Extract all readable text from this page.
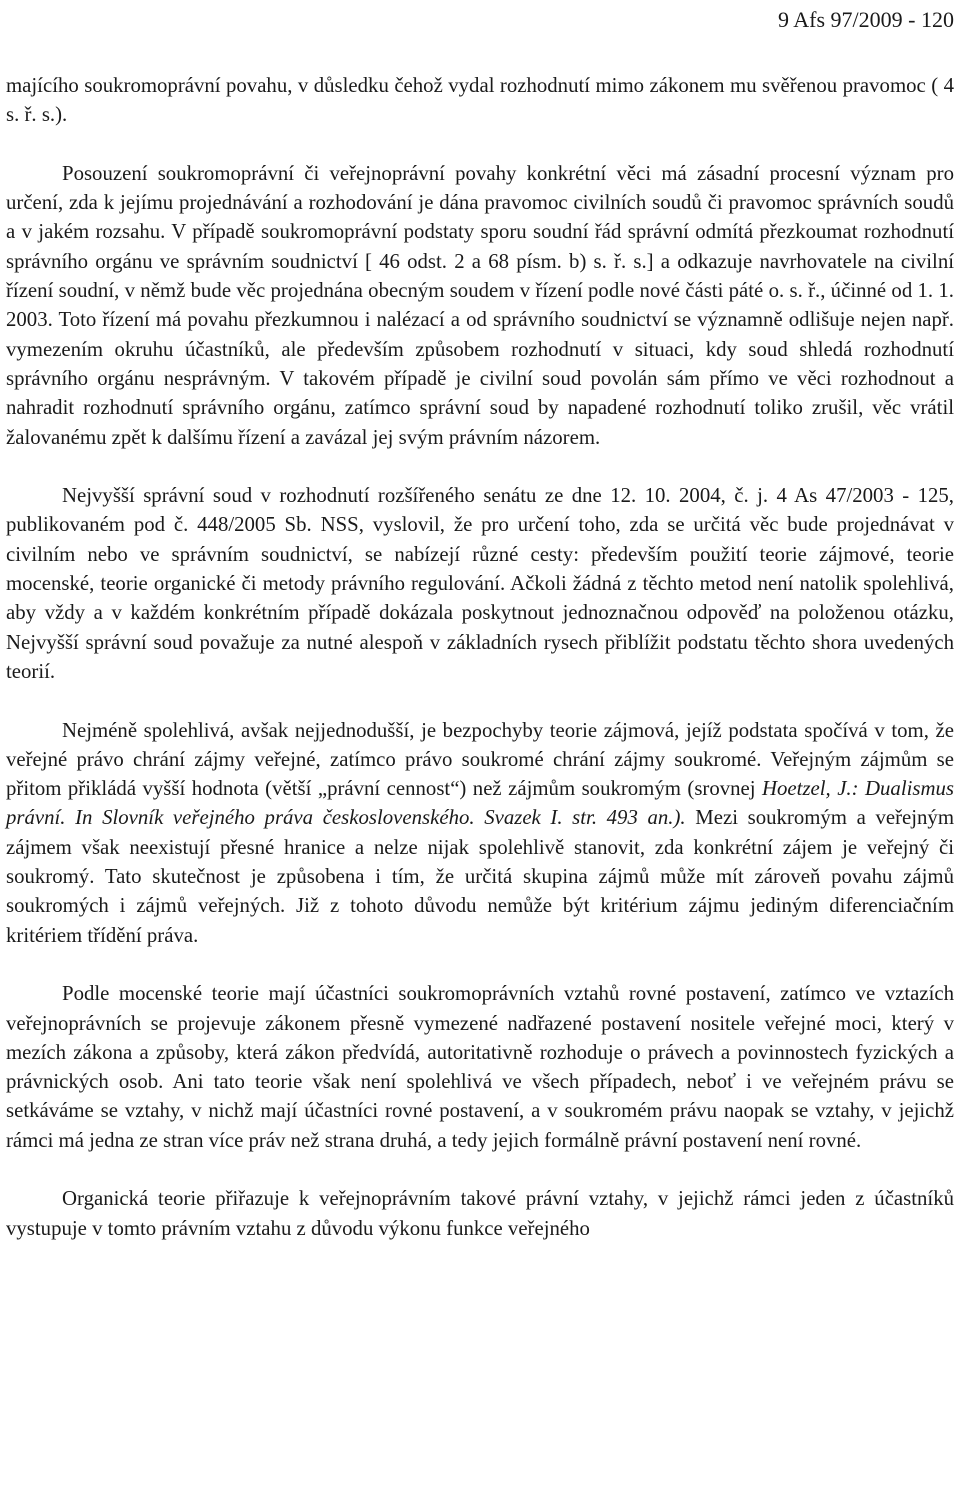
9 Afs 97/2009 - 120

majícího soukromoprávní povahu, v důsledku čehož vydal rozhodnutí mimo zákonem mu svěřenou pravomoc ( 4 s. ř. s.).

Posouzení soukromoprávní či veřejnoprávní povahy konkrétní věci má zásadní procesní význam pro určení, zda k jejímu projednávání a rozhodování je dána pravomoc civilních soudů či pravomoc správních soudů a v jakém rozsahu. V případě soukromoprávní podstaty sporu soudní řád správní odmítá přezkoumat rozhodnutí správního orgánu ve správním soudnictví [ 46 odst. 2 a 68 písm. b) s. ř. s.] a odkazuje navrhovatele na civilní řízení soudní, v němž bude věc projednána obecným soudem v řízení podle nové části páté o. s. ř., účinné od 1. 1. 2003. Toto řízení má povahu přezkumnou i nalézací a od správního soudnictví se významně odlišuje nejen např. vymezením okruhu účastníků, ale především způsobem rozhodnutí v situaci, kdy soud shledá rozhodnutí správního orgánu nesprávným. V takovém případě je civilní soud povolán sám přímo ve věci rozhodnout a nahradit rozhodnutí správního orgánu, zatímco správní soud by napadené rozhodnutí toliko zrušil, věc vrátil žalovanému zpět k dalšímu řízení a zavázal jej svým právním názorem.

Nejvyšší správní soud v rozhodnutí rozšířeného senátu ze dne 12. 10. 2004, č. j. 4 As 47/2003 - 125, publikovaném pod č. 448/2005 Sb. NSS, vyslovil, že pro určení toho, zda se určitá věc bude projednávat v civilním nebo ve správním soudnictví, se nabízejí různé cesty: především použití teorie zájmové, teorie mocenské, teorie organické či metody právního regulování. Ačkoli žádná z těchto metod není natolik spolehlivá, aby vždy a v každém konkrétním případě dokázala poskytnout jednoznačnou odpověď na položenou otázku, Nejvyšší správní soud považuje za nutné alespoň v základních rysech přiblížit podstatu těchto shora uvedených teorií.

Nejméně spolehlivá, avšak nejjednodušší, je bezpochyby teorie zájmová, jejíž podstata spočívá v tom, že veřejné právo chrání zájmy veřejné, zatímco právo soukromé chrání zájmy soukromé. Veřejným zájmům se přitom přikládá vyšší hodnota (větší „právní cennost“) než zájmům soukromým (srovnej Hoetzel, J.: Dualismus právní. In Slovník veřejného práva československého. Svazek I. str. 493 an.). Mezi soukromým a veřejným zájmem však neexistují přesné hranice a nelze nijak spolehlivě stanovit, zda konkrétní zájem je veřejný či soukromý. Tato skutečnost je způsobena i tím, že určitá skupina zájmů může mít zároveň povahu zájmů soukromých i zájmů veřejných. Již z tohoto důvodu nemůže být kritérium zájmu jediným diferenciačním kritériem třídění práva.

Podle mocenské teorie mají účastníci soukromoprávních vztahů rovné postavení, zatímco ve vztazích veřejnoprávních se projevuje zákonem přesně vymezené nadřazené postavení nositele veřejné moci, který v mezích zákona a způsoby, která zákon předvídá, autoritativně rozhoduje o právech a povinnostech fyzických a právnických osob. Ani tato teorie však není spolehlivá ve všech případech, neboť i ve veřejném právu se setkáváme se vztahy, v nichž mají účastníci rovné postavení, a v soukromém právu naopak se vztahy, v jejichž rámci má jedna ze stran více práv než strana druhá, a tedy jejich formálně právní postavení není rovné.

Organická teorie přiřazuje k veřejnoprávním takové právní vztahy, v jejichž rámci jeden z účastníků vystupuje v tomto právním vztahu z důvodu výkonu funkce veřejného
